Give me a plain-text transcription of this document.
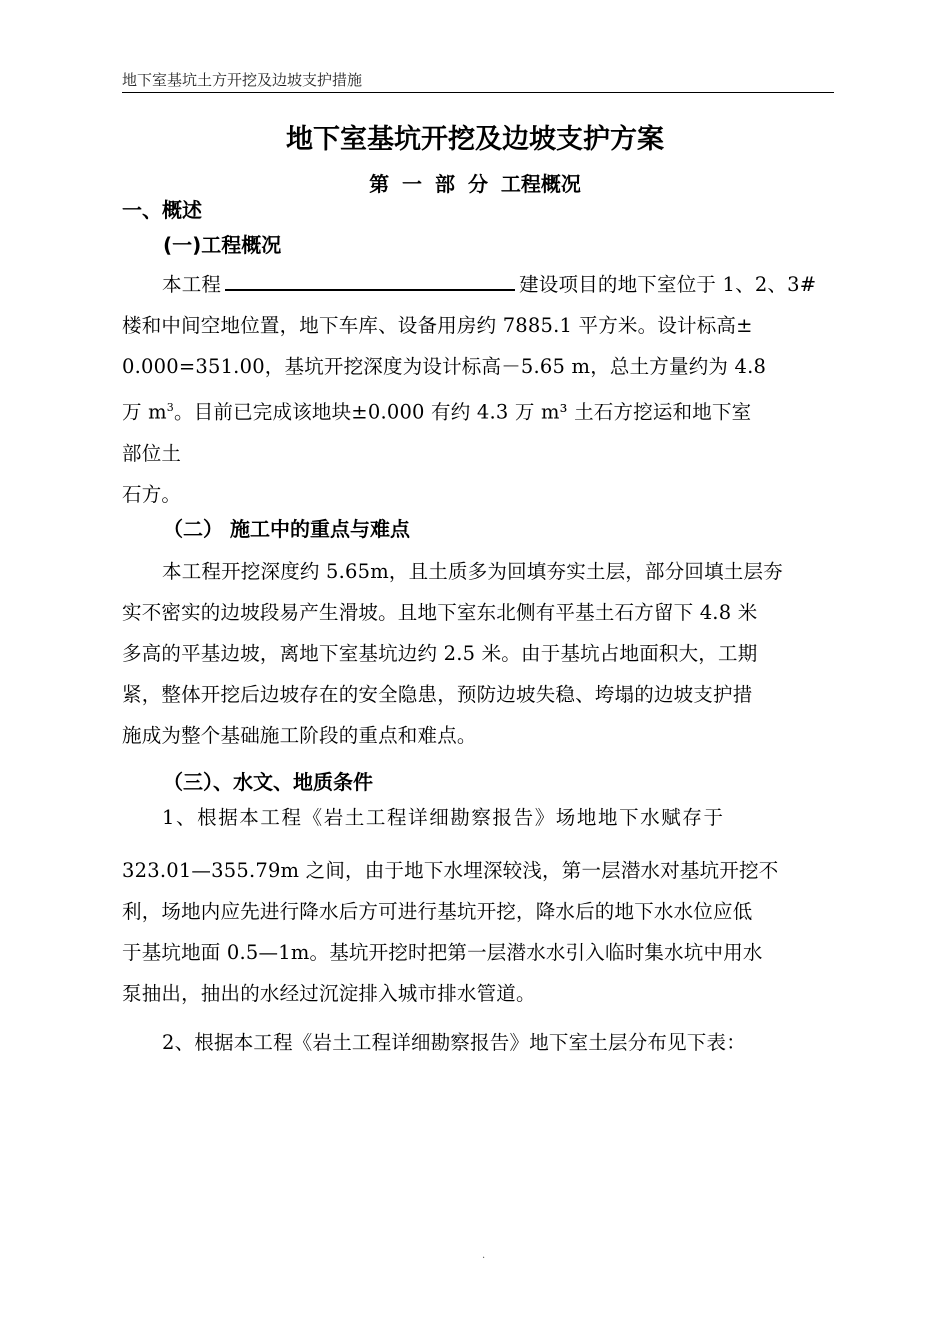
地下室基坑土方开挖及边坡支护措施
地下室基坑开挖及边坡支护方案
第 一 部 分 工程概况
一、概述
(一)工程概况
本工程	建设项目的地下室位于 1、2、3#
楼和中间空地位置，地下车库、设备用房约 7885.1 平方米。设计标高±
0.000=351.00，基坑开挖深度为设计标高－5.65 m，总土方量约为 4.8
万 $m^3$。目前已完成该地块±0.000 有约 4.3 万 m³ 土石方挖运和地下室
部位土
石方。
（二） 施工中的重点与难点
本工程开挖深度约 5.65m，且土质多为回填夯实土层，部分回填土层夯
实不密实的边坡段易产生滑坡。且地下室东北侧有平基土石方留下 4.8 米
多高的平基边坡，离地下室基坑边约 2.5 米。由于基坑占地面积大，工期
紧，整体开挖后边坡存在的安全隐患，预防边坡失稳、垮塌的边坡支护措
施成为整个基础施工阶段的重点和难点。
（三）、水文、地质条件
1、根据本工程《岩土工程详细勘察报告》场地地下水赋存于
323.01—355.79m 之间，由于地下水埋深较浅，第一层潜水对基坑开挖不
利，场地内应先进行降水后方可进行基坑开挖，降水后的地下水水位应低
于基坑地面 0.5—1m。基坑开挖时把第一层潜水水引入临时集水坑中用水
泵抽出，抽出的水经过沉淀排入城市排水管道。
2、根据本工程《岩土工程详细勘察报告》地下室土层分布见下表：
.
